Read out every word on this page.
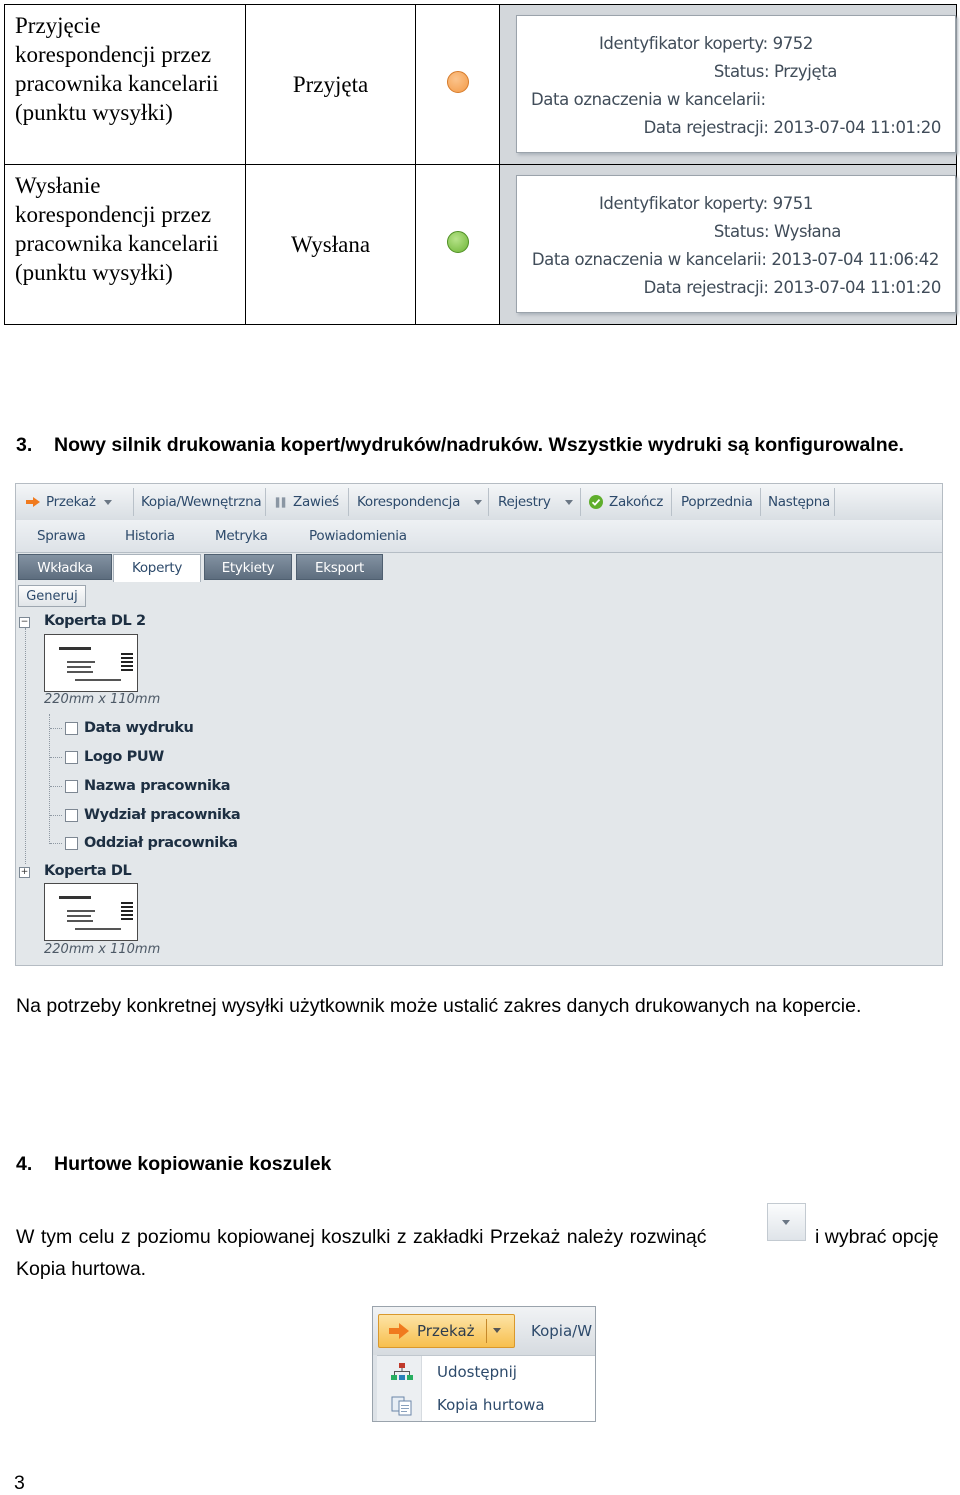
Przyjęcie korespondencji przez pracownika kancelarii (punktu wysyłki)	Przyjęta		Identyfikator koperty: 9752
Status: Przyjęta
Data oznaczenia w kancelarii:
Data rejestracji: 2013-07-04 11:01:20

Wysłanie korespondencji przez pracownika kancelarii (punktu wysyłki)	Wysłana		Identyfikator koperty: 9751
Status: Wysłana
Data oznaczenia w kancelarii: 2013-07-04 11:06:42
Data rejestracji: 2013-07-04 11:01:20
3. Nowy silnik drukowania kopert/wydruków/nadruków. Wszystkie wydruki są konfigurowalne.
Przekaż	Kopia/Wewnętrzna	Zawieś Korespondencja	Rejestry	Zakończ Poprzednia Następna
Sprawa	Historia	Metryka	Powiadomienia
Wkładka	Koperty	Etykiety	Eksport
Generuj
− Koperta DL 2
220mm x 110mm
Data wydruku
Logo PUW
Nazwa pracownika
Wydział pracownika
Oddział pracownika
+ Koperta DL
220mm x 110mm
Na potrzeby konkretnej wysyłki użytkownik może ustalić zakres danych drukowanych na kopercie.
4. Hurtowe kopiowanie koszulek
W tym celu z poziomu kopiowanej koszulki z zakładki Przekaż należy rozwinąć	i wybrać opcję
Kopia hurtowa.
Przekaż	Kopia/W
Udostępnij
Kopia hurtowa
3
